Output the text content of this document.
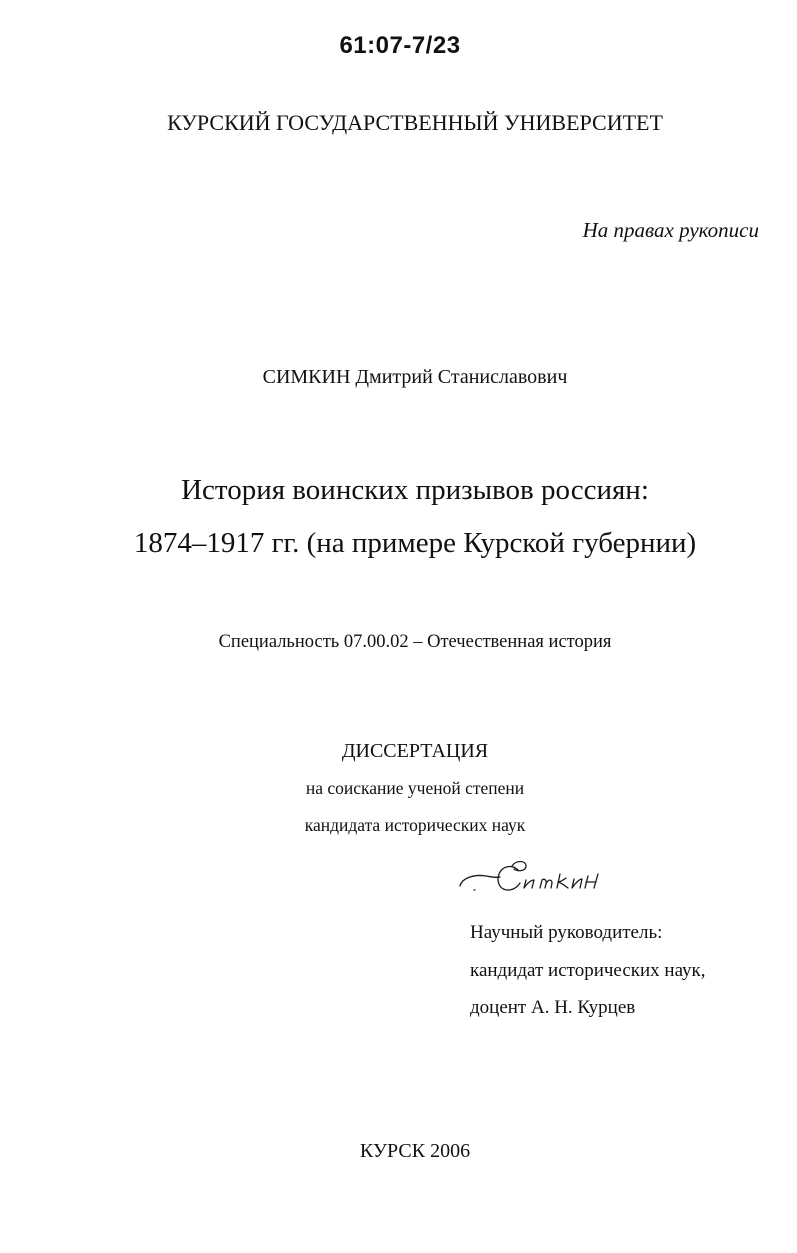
61:07-7/23
КУРСКИЙ ГОСУДАРСТВЕННЫЙ УНИВЕРСИТЕТ
На правах рукописи
СИМКИН Дмитрий Станиславович
История воинских призывов россиян:
1874–1917 гг. (на примере Курской губернии)
Специальность 07.00.02 – Отечественная история
ДИССЕРТАЦИЯ
на соискание ученой степени
кандидата исторических наук
Научный руководитель:
кандидат исторических наук,
доцент А. Н. Курцев
КУРСК 2006
